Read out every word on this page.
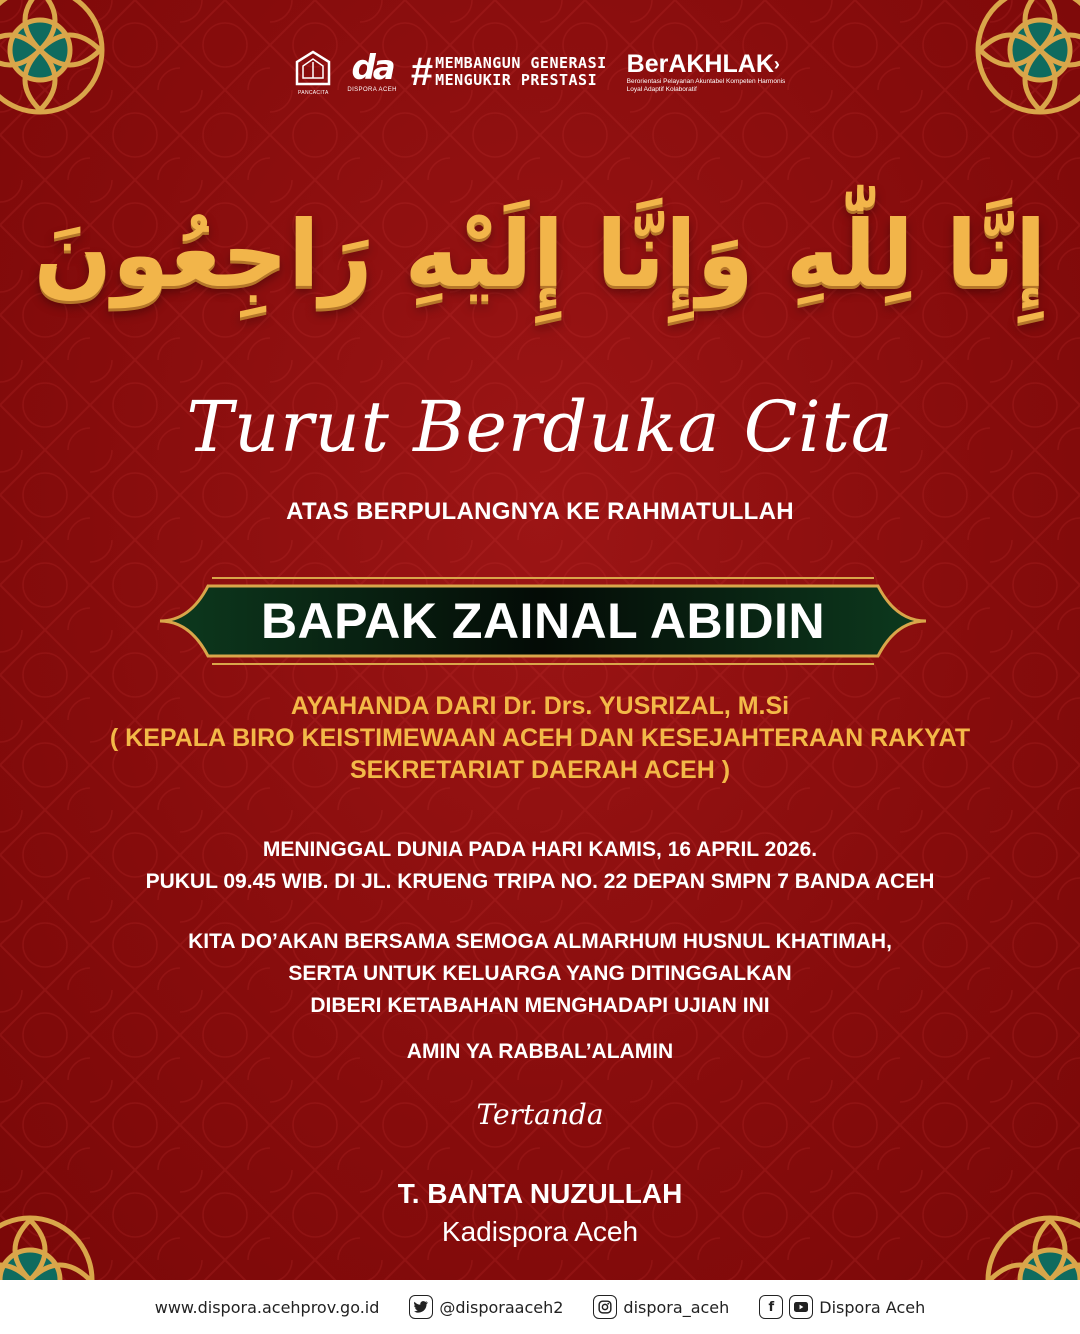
PANCACITA
da
DISPORA ACEH # MEMBANGUN GENERASI
MENGUKIR PRESTASI
BerAKHLAK›
Berorientasi Pelayanan Akuntabel Kompeten Harmonis Loyal Adaptif Kolaboratif
إِنَّا لِلّٰهِ وَإِنَّا إِلَيْهِ رَاجِعُونَ
Turut Berduka Cita
ATAS BERPULANGNYA KE RAHMATULLAH
BAPAK ZAINAL ABIDIN
AYAHANDA DARI Dr. Drs. YUSRIZAL, M.Si
( KEPALA BIRO KEISTIMEWAAN ACEH DAN KESEJAHTERAAN RAKYAT
SEKRETARIAT DAERAH ACEH )
MENINGGAL DUNIA PADA HARI KAMIS, 16 APRIL 2026.
PUKUL 09.45 WIB. DI JL. KRUENG TRIPA NO. 22 DEPAN SMPN 7 BANDA ACEH
KITA DO’AKAN BERSAMA SEMOGA ALMARHUM HUSNUL KHATIMAH,
SERTA UNTUK KELUARGA YANG DITINGGALKAN
DIBERI KETABAHAN MENGHADAPI UJIAN INI
AMIN YA RABBAL’ALAMIN
Tertanda
T. BANTA NUZULLAH
Kadispora Aceh
www.dispora.acehprov.go.id	@disporaaceh2	dispora_aceh	f	Dispora Aceh
